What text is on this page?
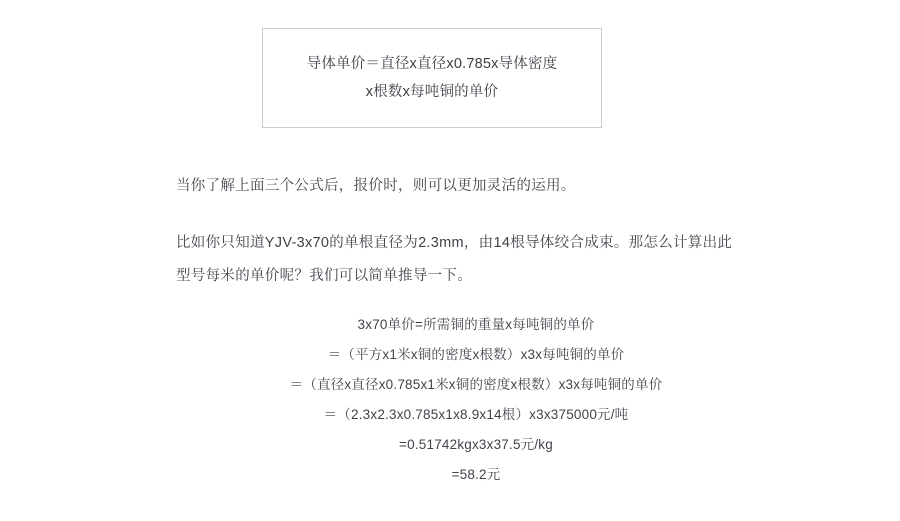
导体单价＝直径x直径x0.785x导体密度
x根数x每吨铜的单价
当你了解上面三个公式后，报价时，则可以更加灵活的运用。
比如你只知道YJV-3x70的单根直径为2.3mm，由14根导体绞合成束。那怎么计算出此型号每米的单价呢？我们可以简单推导一下。
3x70单价=所需铜的重量x每吨铜的单价
＝（平方x1米x铜的密度x根数）x3x每吨铜的单价
＝（直径x直径x0.785x1米x铜的密度x根数）x3x每吨铜的单价
＝（2.3x2.3x0.785x1x8.9x14根）x3x375000元/吨
=0.51742kgx3x37.5元/kg
=58.2元
